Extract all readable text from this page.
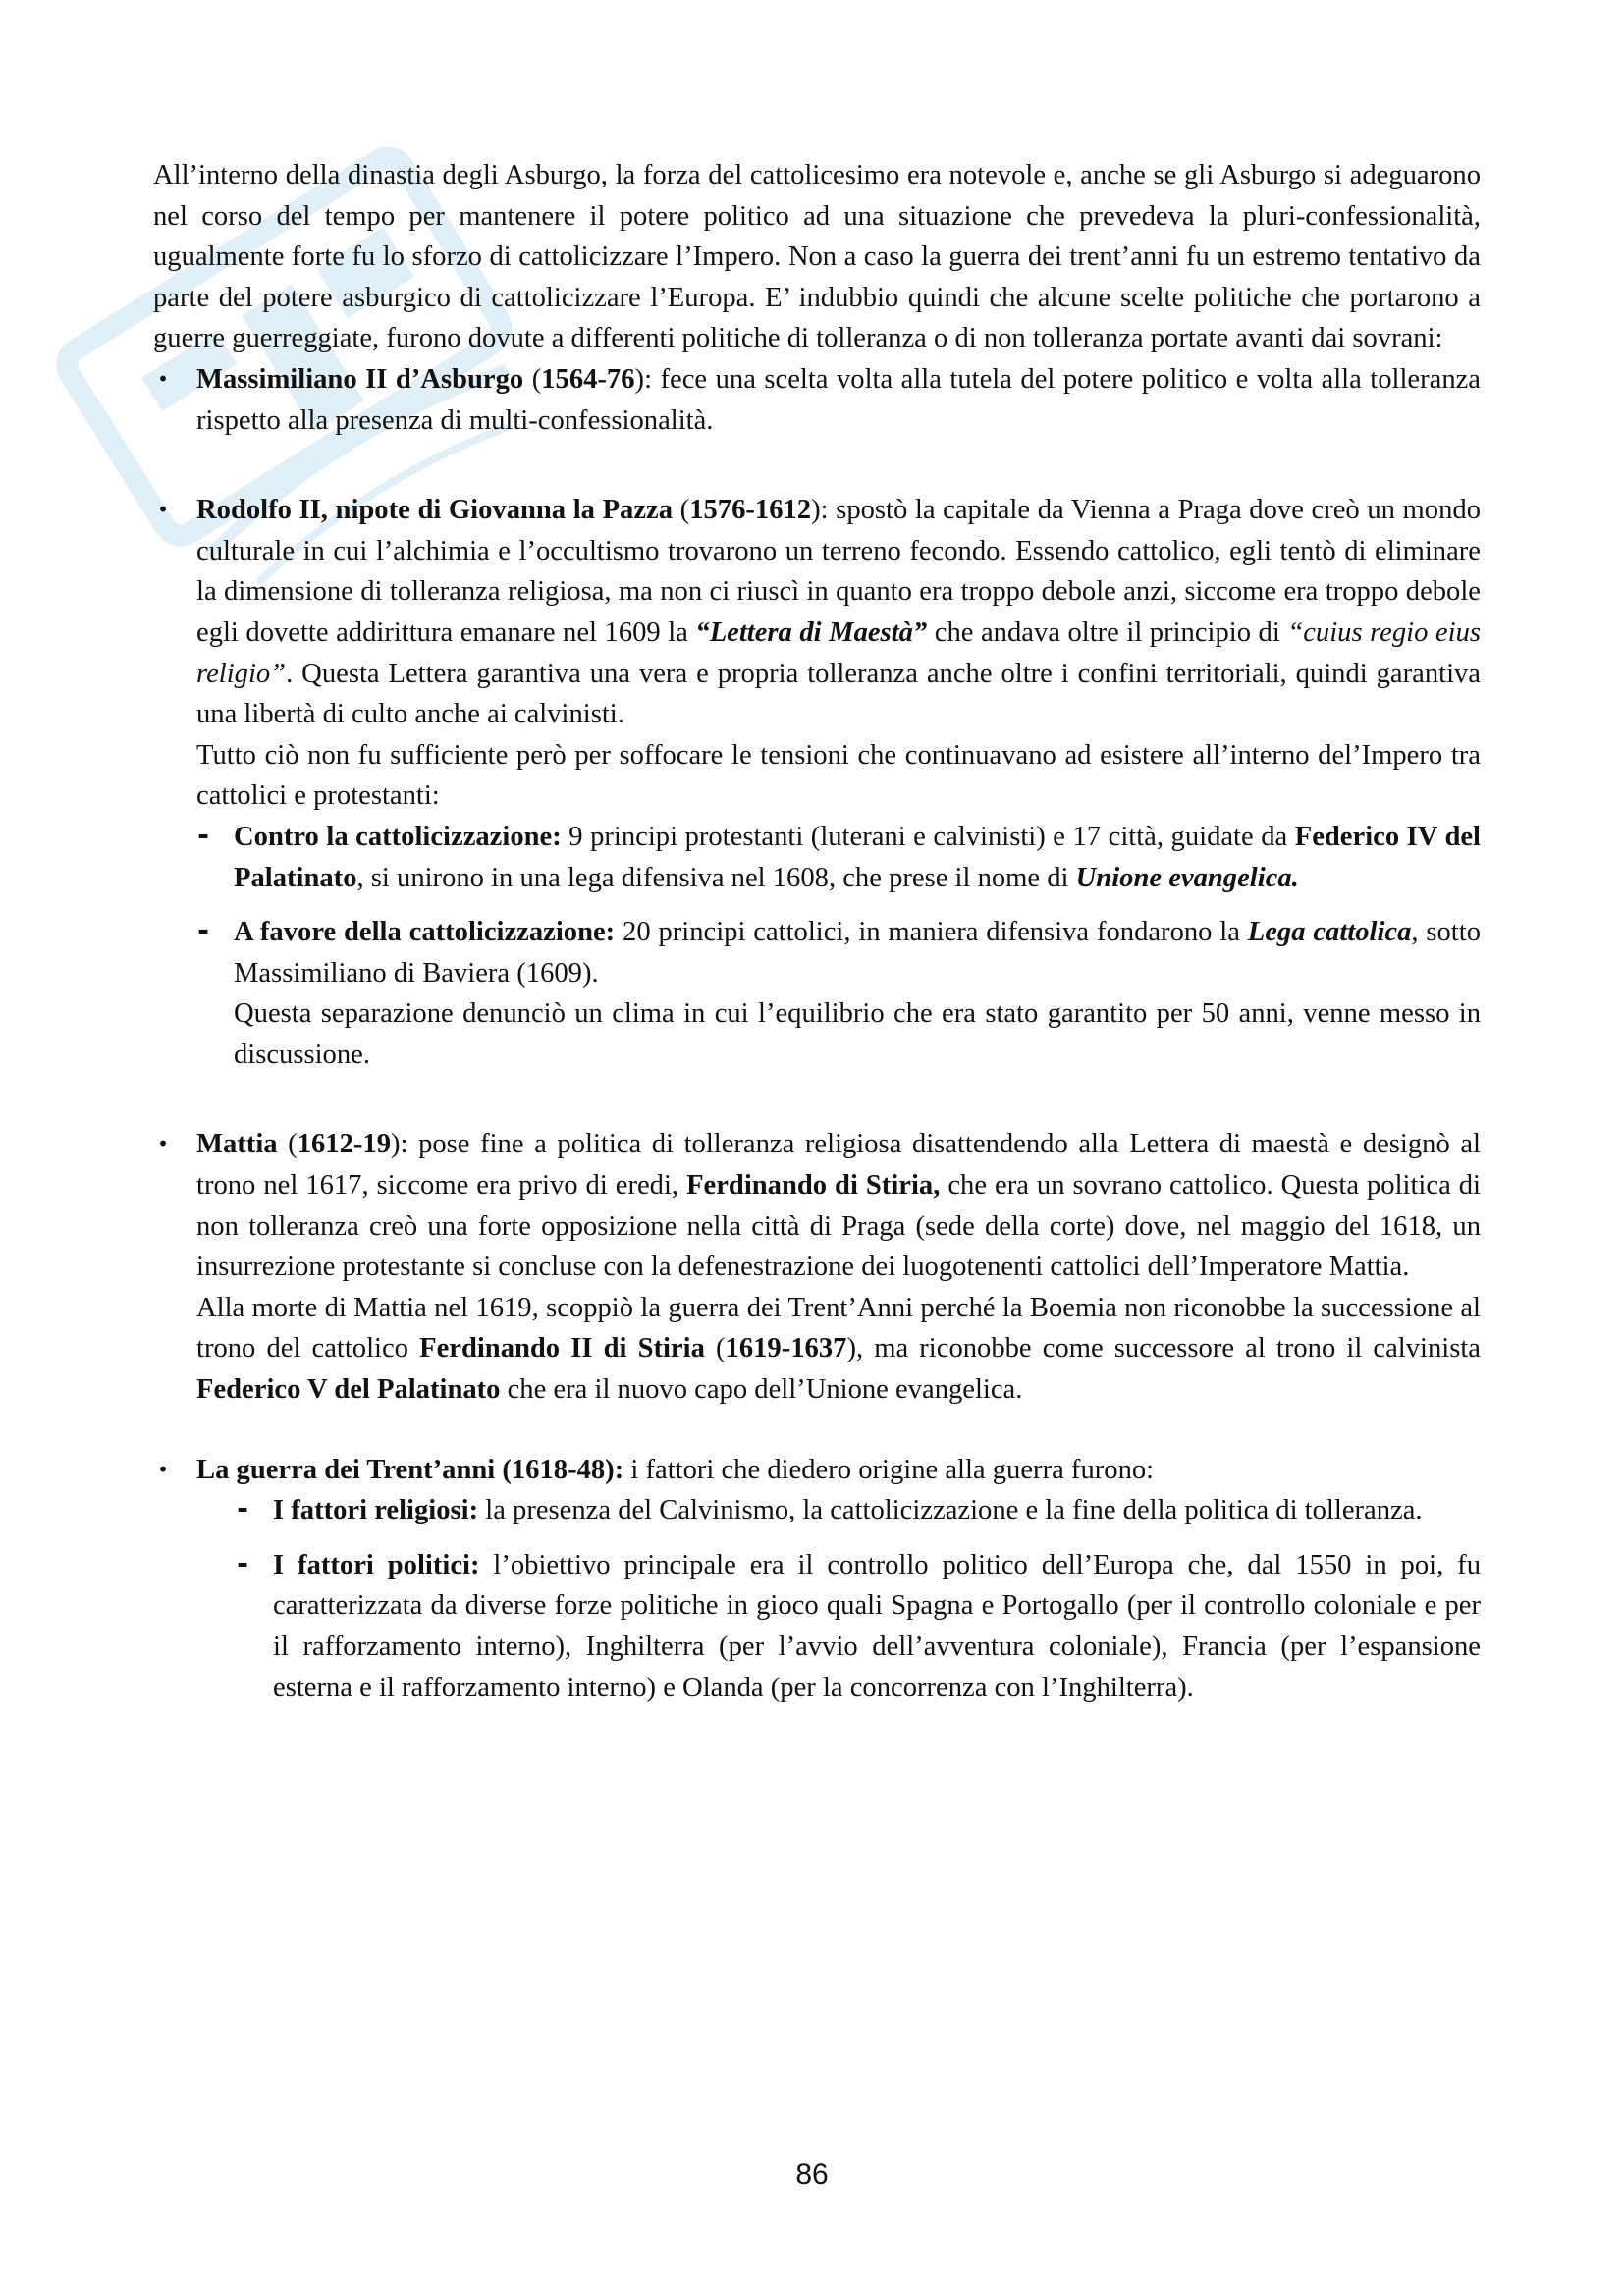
All’interno della dinastia degli Asburgo, la forza del cattolicesimo era notevole e, anche se gli Asburgo si adeguarono nel corso del tempo per mantenere il potere politico ad una situazione che prevedeva la pluri-confessionalità, ugualmente forte fu lo sforzo di cattolicizzare l’Impero. Non a caso la guerra dei trent’anni fu un estremo tentativo da parte del potere asburgico di cattolicizzare l’Europa. E’ indubbio quindi che alcune scelte politiche che portarono a guerre guerreggiate, furono dovute a differenti politiche di tolleranza o di non tolleranza portate avanti dai sovrani:

• Massimiliano II d’Asburgo (1564-76): fece una scelta volta alla tutela del potere politico e volta alla tolleranza rispetto alla presenza di multi-confessionalità.
• Rodolfo II, nipote di Giovanna la Pazza (1576-1612): spostò la capitale da Vienna a Praga dove creò un mondo culturale in cui l’alchimia e l’occultismo trovarono un terreno fecondo. Essendo cattolico, egli tentò di eliminare la dimensione di tolleranza religiosa, ma non ci riuscì in quanto era troppo debole anzi, siccome era troppo debole egli dovette addirittura emanare nel 1609 la “Lettera di Maestà” che andava oltre il principio di “cuius regio eius religio”. Questa Lettera garantiva una vera e propria tolleranza anche oltre i confini territoriali, quindi garantiva una libertà di culto anche ai calvinisti.
Tutto ciò non fu sufficiente però per soffocare le tensioni che continuavano ad esistere all’interno del’Impero tra cattolici e protestanti:
- Contro la cattolicizzazione: 9 principi protestanti (luterani e calvinisti) e 17 città, guidate da Federico IV del Palatinato, si unirono in una lega difensiva nel 1608, che prese il nome di Unione evangelica.
- A favore della cattolicizzazione: 20 principi cattolici, in maniera difensiva fondarono la Lega cattolica, sotto Massimiliano di Baviera (1609).
Questa separazione denunciò un clima in cui l’equilibrio che era stato garantito per 50 anni, venne messo in discussione.
• Mattia (1612-19): pose fine a politica di tolleranza religiosa disattendendo alla Lettera di maestà e designò al trono nel 1617, siccome era privo di eredi, Ferdinando di Stiria, che era un sovrano cattolico. Questa politica di non tolleranza creò una forte opposizione nella città di Praga (sede della corte) dove, nel maggio del 1618, un insurrezione protestante si concluse con la defenestrazione dei luogotenenti cattolici dell’Imperatore Mattia.
Alla morte di Mattia nel 1619, scoppiò la guerra dei Trent’Anni perché la Boemia non riconobbe la successione al trono del cattolico Ferdinando II di Stiria (1619-1637), ma riconobbe come successore al trono il calvinista Federico V del Palatinato che era il nuovo capo dell’Unione evangelica.
• La guerra dei Trent’anni (1618-48): i fattori che diedero origine alla guerra furono:
- I fattori religiosi: la presenza del Calvinismo, la cattolicizzazione e la fine della politica di tolleranza.
- I fattori politici: l’obiettivo principale era il controllo politico dell’Europa che, dal 1550 in poi, fu caratterizzata da diverse forze politiche in gioco quali Spagna e Portogallo (per il controllo coloniale e per il rafforzamento interno), Inghilterra (per l’avvio dell’avventura coloniale), Francia (per l’espansione esterna e il rafforzamento interno) e Olanda (per la concorrenza con l’Inghilterra).
86
